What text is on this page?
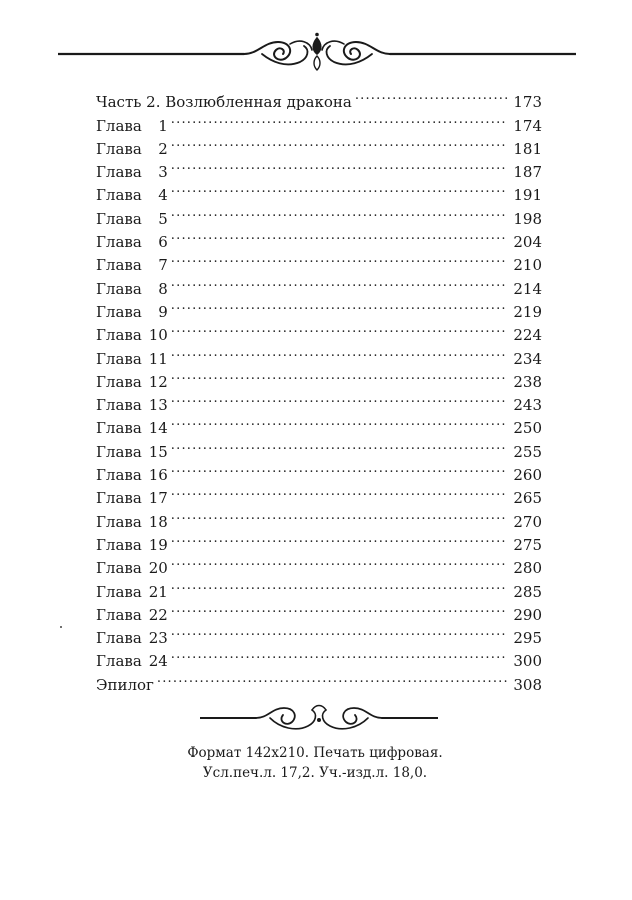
Часть 2. Возлюбленная дракона .....	173
Глава 1 .....	174
Глава 2 .....	181
Глава 3 .....	187
Глава 4 .....	191
Глава 5 .....	198
Глава 6 .....	204
Глава 7 .....	210
Глава 8 .....	214
Глава 9 .....	219
Глава 10 .....	224
Глава 11 .....	234
Глава 12 .....	238
Глава 13 .....	243
Глава 14 .....	250
Глава 15 .....	255
Глава 16 .....	260
Глава 17 .....	265
Глава 18 .....	270
Глава 19 .....	275
Глава 20 .....	280
Глава 21 .....	285
Глава 22 .....	290
Глава 23 .....	295
Глава 24 .....	300
Эпилог .....	308
Формат 142х210. Печать цифровая.
Усл.печ.л. 17,2. Уч.-изд.л. 18,0.
